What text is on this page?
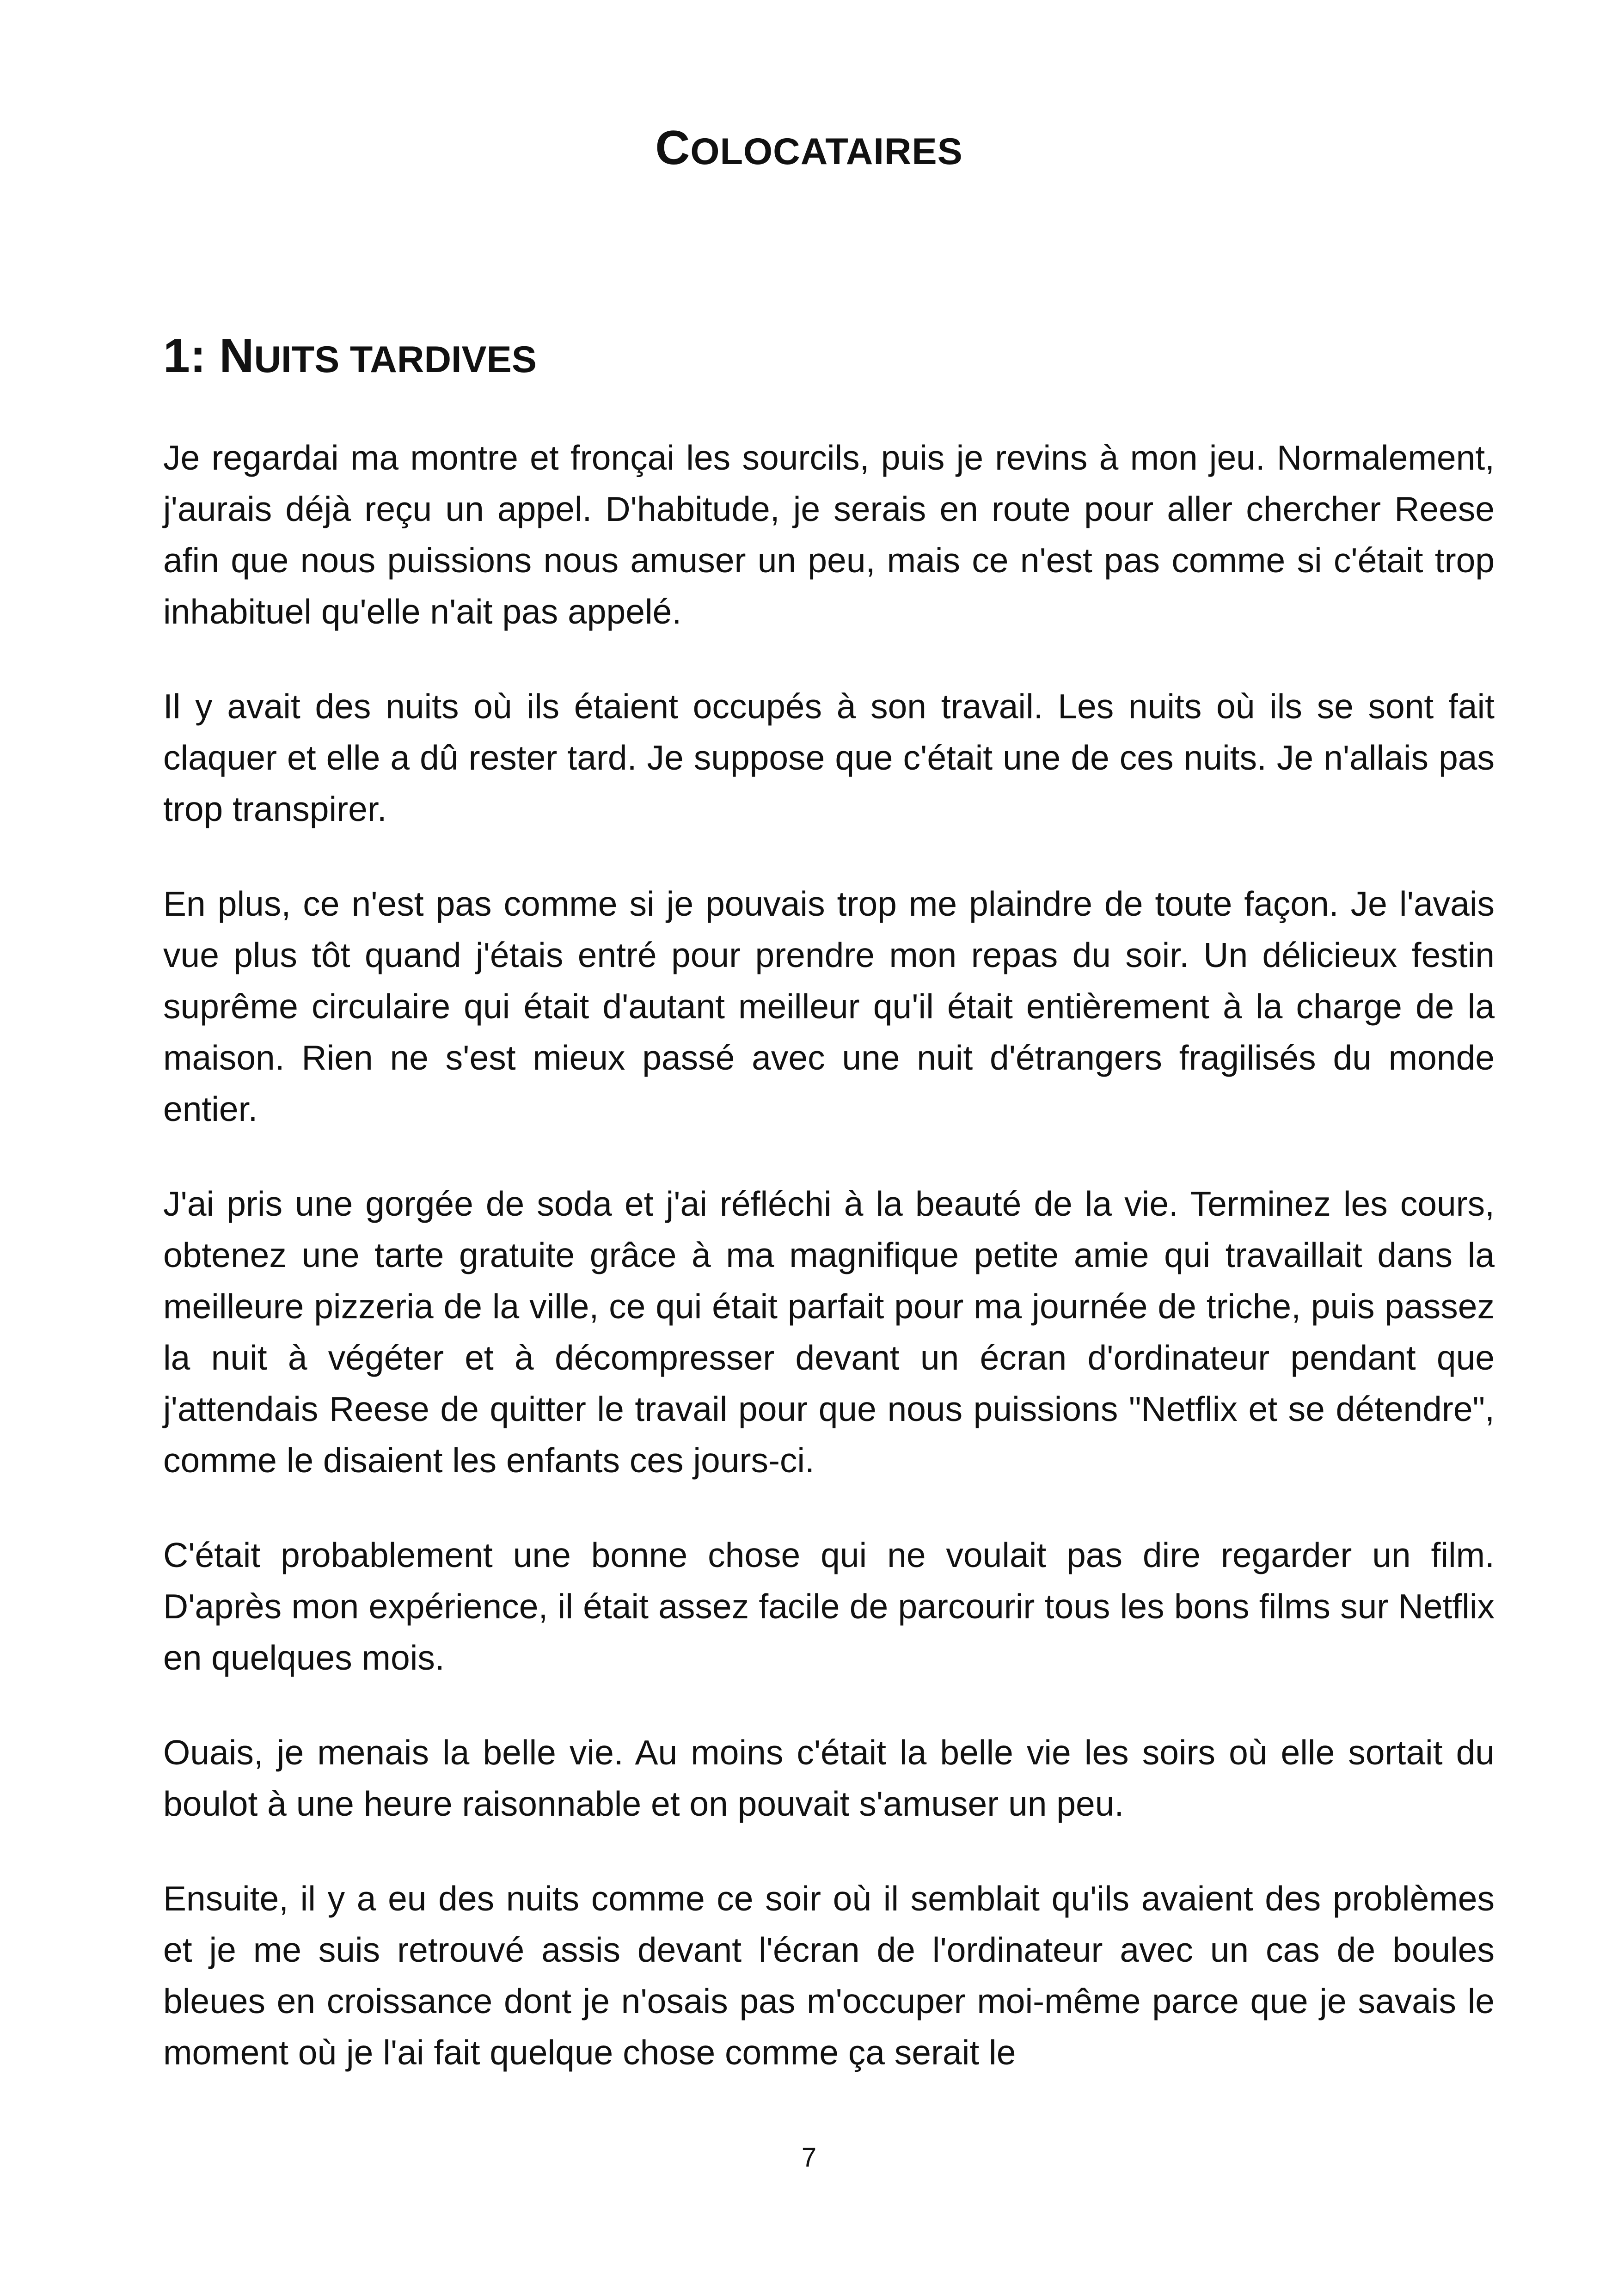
COLOCATAIRES
1: NUITS TARDIVES

Je regardai ma montre et fronçai les sourcils, puis je revins à mon jeu. Normalement, j'aurais déjà reçu un appel. D'habitude, je serais en route pour aller chercher Reese afin que nous puissions nous amuser un peu, mais ce n'est pas comme si c'était trop inhabituel qu'elle n'ait pas appelé.

Il y avait des nuits où ils étaient occupés à son travail. Les nuits où ils se sont fait claquer et elle a dû rester tard. Je suppose que c'était une de ces nuits. Je n'allais pas trop transpirer.

En plus, ce n'est pas comme si je pouvais trop me plaindre de toute façon. Je l'avais vue plus tôt quand j'étais entré pour prendre mon repas du soir. Un délicieux festin suprême circulaire qui était d'autant meilleur qu'il était entièrement à la charge de la maison. Rien ne s'est mieux passé avec une nuit d'étrangers fragilisés du monde entier.

J'ai pris une gorgée de soda et j'ai réfléchi à la beauté de la vie. Terminez les cours, obtenez une tarte gratuite grâce à ma magnifique petite amie qui travaillait dans la meilleure pizzeria de la ville, ce qui était parfait pour ma journée de triche, puis passez la nuit à végéter et à décompresser devant un écran d'ordinateur pendant que j'attendais Reese de quitter le travail pour que nous puissions "Netflix et se détendre", comme le disaient les enfants ces jours-ci.

C'était probablement une bonne chose qui ne voulait pas dire regarder un film. D'après mon expérience, il était assez facile de parcourir tous les bons films sur Netflix en quelques mois.

Ouais, je menais la belle vie. Au moins c'était la belle vie les soirs où elle sortait du boulot à une heure raisonnable et on pouvait s'amuser un peu.

Ensuite, il y a eu des nuits comme ce soir où il semblait qu'ils avaient des problèmes et je me suis retrouvé assis devant l'écran de l'ordinateur avec un cas de boules bleues en croissance dont je n'osais pas m'occuper moi-même parce que je savais le moment où je l'ai fait quelque chose comme ça serait le

7
